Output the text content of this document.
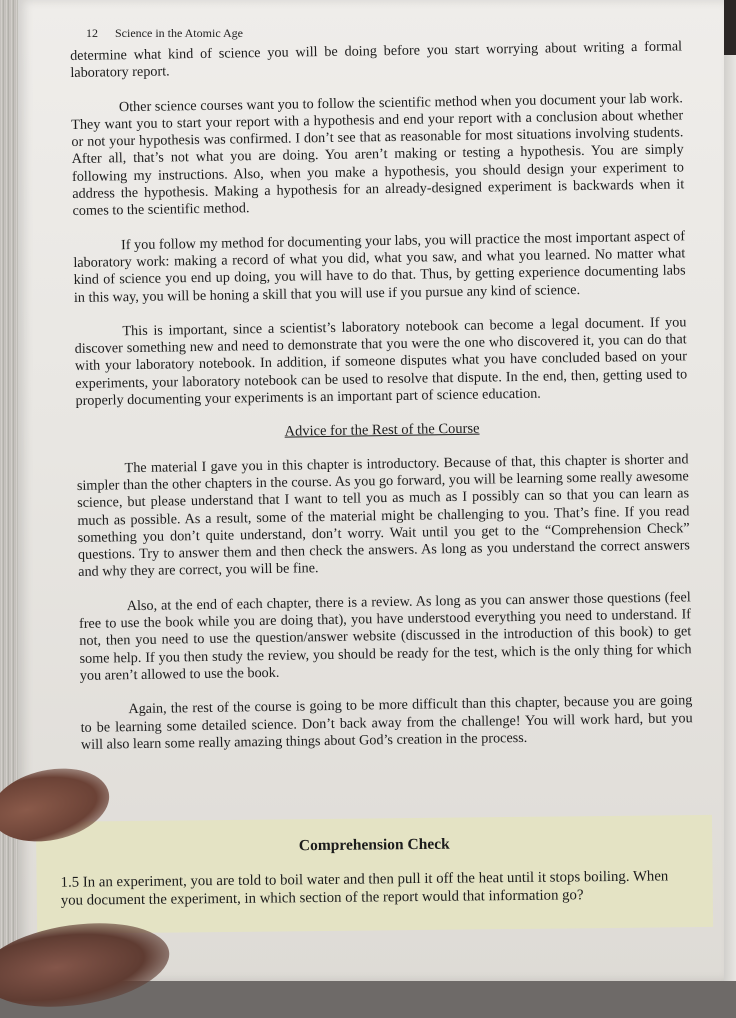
12 Science in the Atomic Age

determine what kind of science you will be doing before you start worrying about writing a formal laboratory report.

Other science courses want you to follow the scientific method when you document your lab work. They want you to start your report with a hypothesis and end your report with a conclusion about whether or not your hypothesis was confirmed. I don’t see that as reasonable for most situations involving students. After all, that’s not what you are doing. You aren’t making or testing a hypothesis. You are simply following my instructions. Also, when you make a hypothesis, you should design your experiment to address the hypothesis. Making a hypothesis for an already-designed experiment is backwards when it comes to the scientific method.

If you follow my method for documenting your labs, you will practice the most important aspect of laboratory work: making a record of what you did, what you saw, and what you learned. No matter what kind of science you end up doing, you will have to do that. Thus, by getting experience documenting labs in this way, you will be honing a skill that you will use if you pursue any kind of science.

This is important, since a scientist’s laboratory notebook can become a legal document. If you discover something new and need to demonstrate that you were the one who discovered it, you can do that with your laboratory notebook. In addition, if someone disputes what you have concluded based on your experiments, your laboratory notebook can be used to resolve that dispute. In the end, then, getting used to properly documenting your experiments is an important part of science education.

Advice for the Rest of the Course

The material I gave you in this chapter is introductory. Because of that, this chapter is shorter and simpler than the other chapters in the course. As you go forward, you will be learning some really awesome science, but please understand that I want to tell you as much as I possibly can so that you can learn as much as possible. As a result, some of the material might be challenging to you. That’s fine. If you read something you don’t quite understand, don’t worry. Wait until you get to the “Comprehension Check” questions. Try to answer them and then check the answers. As long as you understand the correct answers and why they are correct, you will be fine.

Also, at the end of each chapter, there is a review. As long as you can answer those questions (feel free to use the book while you are doing that), you have understood everything you need to understand. If not, then you need to use the question/answer website (discussed in the introduction of this book) to get some help. If you then study the review, you should be ready for the test, which is the only thing for which you aren’t allowed to use the book.

Again, the rest of the course is going to be more difficult than this chapter, because you are going to be learning some detailed science. Don’t back away from the challenge! You will work hard, but you will also learn some really amazing things about God’s creation in the process.

Comprehension Check
1.5 In an experiment, you are told to boil water and then pull it off the heat until it stops boiling. When you document the experiment, in which section of the report would that information go?
